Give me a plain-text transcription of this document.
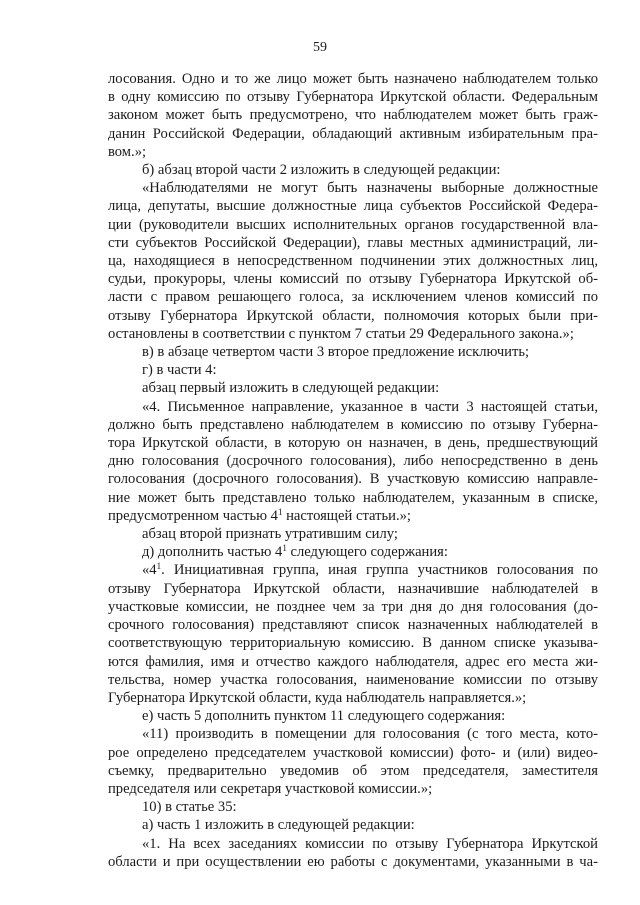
59
лосования. Одно и то же лицо может быть назначено наблюдателем только
в одну комиссию по отзыву Губернатора Иркутской области. Федеральным
законом может быть предусмотрено, что наблюдателем может быть граж-
данин Российской Федерации, обладающий активным избирательным пра-
вом.»;
б) абзац второй части 2 изложить в следующей редакции:
«Наблюдателями не могут быть назначены выборные должностные
лица, депутаты, высшие должностные лица субъектов Российской Федера-
ции (руководители высших исполнительных органов государственной вла-
сти субъектов Российской Федерации), главы местных администраций, ли-
ца, находящиеся в непосредственном подчинении этих должностных лиц,
судьи, прокуроры, члены комиссий по отзыву Губернатора Иркутской об-
ласти с правом решающего голоса, за исключением членов комиссий по
отзыву Губернатора Иркутской области, полномочия которых были при-
остановлены в соответствии с пунктом 7 статьи 29 Федерального закона.»;
в) в абзаце четвертом части 3 второе предложение исключить;
г) в части 4:
абзац первый изложить в следующей редакции:
«4. Письменное направление, указанное в части 3 настоящей статьи,
должно быть представлено наблюдателем в комиссию по отзыву Губерна-
тора Иркутской области, в которую он назначен, в день, предшествующий
дню голосования (досрочного голосования), либо непосредственно в день
голосования (досрочного голосования). В участковую комиссию направле-
ние может быть представлено только наблюдателем, указанным в списке,
предусмотренном частью $4^1$ настоящей статьи.»;
абзац второй признать утратившим силу;
д) дополнить частью $4^1$ следующего содержания:
«$4^1$. Инициативная группа, иная группа участников голосования по
отзыву Губернатора Иркутской области, назначившие наблюдателей в
участковые комиссии, не позднее чем за три дня до дня голосования (до-
срочного голосования) представляют список назначенных наблюдателей в
соответствующую территориальную комиссию. В данном списке указыва-
ются фамилия, имя и отчество каждого наблюдателя, адрес его места жи-
тельства, номер участка голосования, наименование комиссии по отзыву
Губернатора Иркутской области, куда наблюдатель направляется.»;
е) часть 5 дополнить пунктом 11 следующего содержания:
«11) производить в помещении для голосования (с того места, кото-
рое определено председателем участковой комиссии) фото- и (или) видео-
съемку, предварительно уведомив об этом председателя, заместителя
председателя или секретаря участковой комиссии.»;
10) в статье 35:
а) часть 1 изложить в следующей редакции:
«1. На всех заседаниях комиссии по отзыву Губернатора Иркутской
области и при осуществлении ею работы с документами, указанными в ча-
